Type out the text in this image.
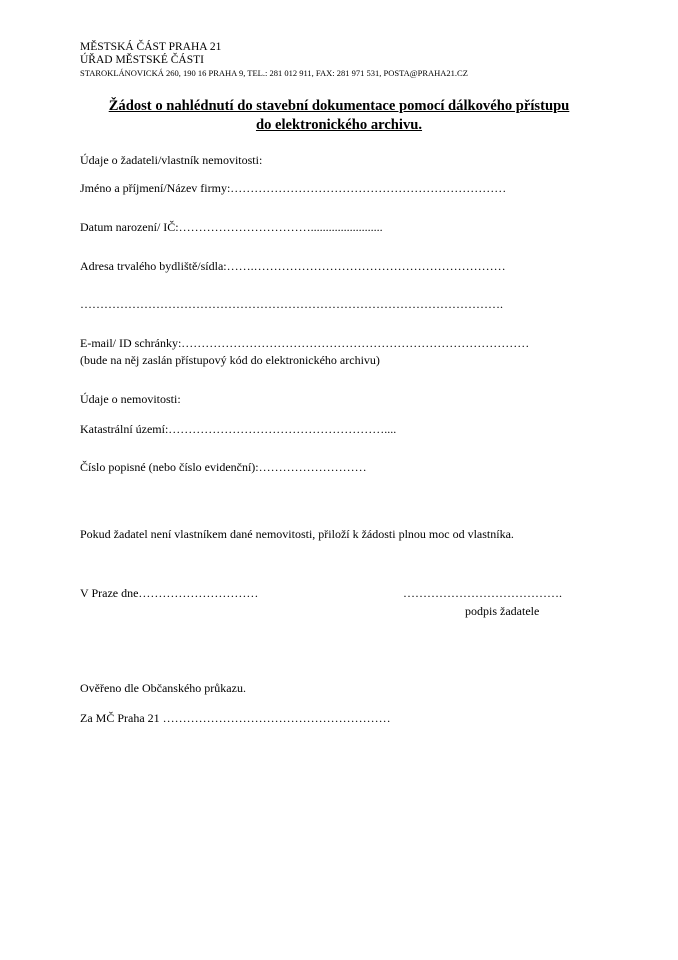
MĚSTSKÁ ČÁST PRAHA 21
ÚŘAD MĚSTSKÉ ČÁSTI
STAROKLÁNOVICKÁ 260, 190 16 PRAHA 9, TEL.: 281 012 911, FAX: 281 971 531, POSTA@PRAHA21.CZ
Žádost o nahlédnutí do stavební dokumentace pomocí dálkového přístupu
do elektronického archivu.
Údaje o žadateli/vlastník nemovitosti:
Jméno a příjmení/Název firmy:……………………………………………………………
Datum narození/ IČ:……………………………........................
Adresa trvalého bydliště/sídla:…….………………………………………………………
…………………………………………………………………………………………….
E-mail/ ID schránky:……………………………………………………………………………
(bude na něj zaslán přístupový kód do elektronického archivu)
Údaje o nemovitosti:
Katastrální území:………………………………………………....
Číslo popisné (nebo číslo evidenční):………………………
Pokud žadatel není vlastníkem dané nemovitosti, přiloží k žádosti plnou moc od vlastníka.
V Praze dne…………………………	………………………………….
podpis žadatele
Ověřeno dle Občanského průkazu.
Za MČ Praha 21 …………………………………………………
